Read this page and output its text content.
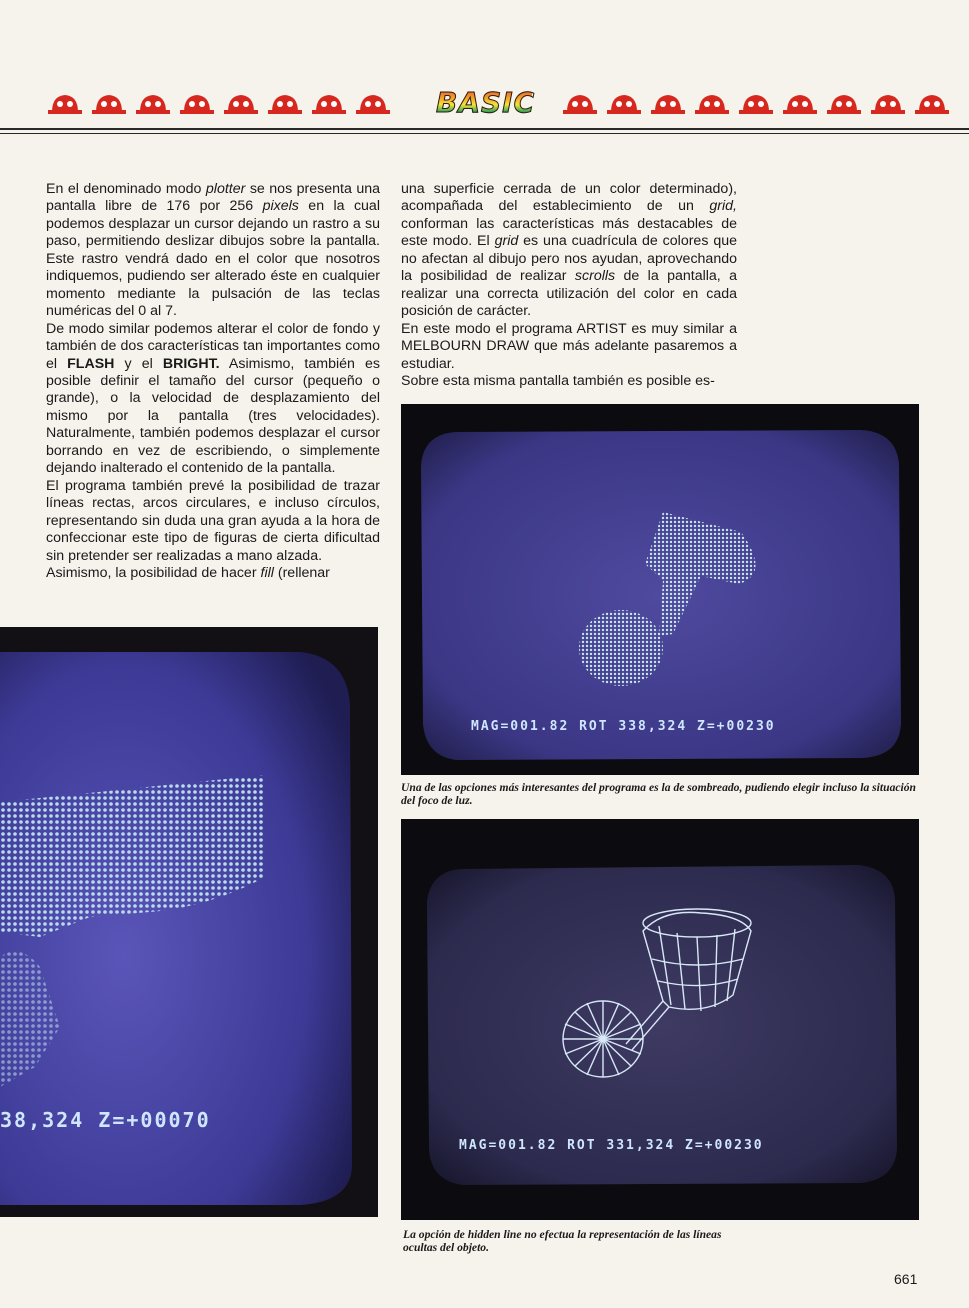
BASIC

En el denominado modo plotter se nos presenta una pantalla libre de 176 por 256 pixels en la cual podemos desplazar un cursor dejando un rastro a su paso, permitiendo deslizar dibujos sobre la pantalla. Este rastro vendrá dado en el color que nosotros indiquemos, pudiendo ser alterado éste en cualquier momento mediante la pulsación de las teclas numéricas del 0 al 7.

De modo similar podemos alterar el color de fondo y también de dos características tan importantes como el FLASH y el BRIGHT. Asimismo, también es posible definir el tamaño del cursor (pequeño o grande), o la velocidad de desplazamiento del mismo por la pantalla (tres velocidades). Naturalmente, también podemos desplazar el cursor borrando en vez de escribiendo, o simplemente dejando inalterado el contenido de la pantalla.

El programa también prevé la posibilidad de trazar líneas rectas, arcos circulares, e incluso círculos, representando sin duda una gran ayuda a la hora de confeccionar este tipo de figuras de cierta dificultad sin pretender ser realizadas a mano alzada.

Asimismo, la posibilidad de hacer fill (rellenar

una superficie cerrada de un color determinado), acompañada del establecimiento de un grid, conforman las características más destacables de este modo. El grid es una cuadrícula de colores que no afectan al dibujo pero nos ayudan, aprovechando la posibilidad de realizar scrolls de la pantalla, a realizar una correcta utilización del color en cada posición de carácter.

En este modo el programa ARTIST es muy similar a MELBOURN DRAW que más adelante pasaremos a estudiar.

Sobre esta misma pantalla también es posible es-

38,324 Z=+00070
MAG=001.82 ROT 338,324 Z=+00230
Una de las opciones más interesantes del programa es la de sombreado, pudiendo elegir incluso la situación del foco de luz.
MAG=001.82 ROT 331,324 Z=+00230
La opción de hidden line no efectua la representación de las líneas ocultas del objeto.
661
